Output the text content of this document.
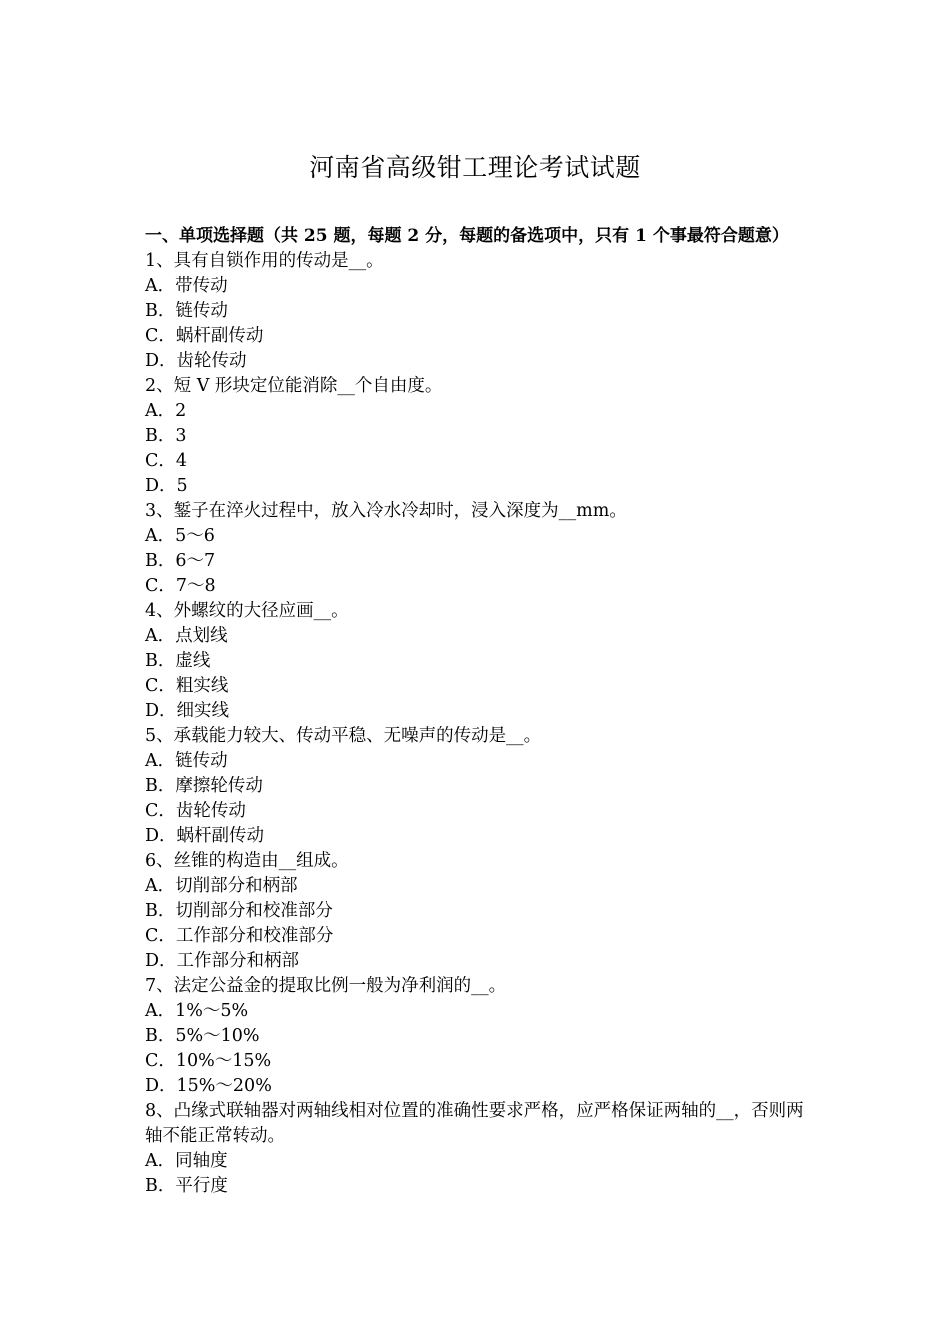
河南省高级钳工理论考试试题

一、单项选择题（共 25 题，每题 2 分，每题的备选项中，只有 1 个事最符合题意）

1、具有自锁作用的传动是__。

A．带传动

B．链传动

C．蜗杆副传动

D．齿轮传动

2、短 V 形块定位能消除__个自由度。

A．2

B．3

C．4

D．5

3、錾子在淬火过程中，放入冷水冷却时，浸入深度为__mm。

A．5～6

B．6～7

C．7～8

4、外螺纹的大径应画__。

A．点划线

B．虚线

C．粗实线

D．细实线

5、承载能力较大、传动平稳、无噪声的传动是__。

A．链传动

B．摩擦轮传动

C．齿轮传动

D．蜗杆副传动

6、丝锥的构造由__组成。

A．切削部分和柄部

B．切削部分和校准部分

C．工作部分和校准部分

D．工作部分和柄部

7、法定公益金的提取比例一般为净利润的__。

A．1%～5%

B．5%～10%

C．10%～15%

D．15%～20%

8、凸缘式联轴器对两轴线相对位置的准确性要求严格，应严格保证两轴的__，否则两轴不能正常转动。

A．同轴度

B．平行度
